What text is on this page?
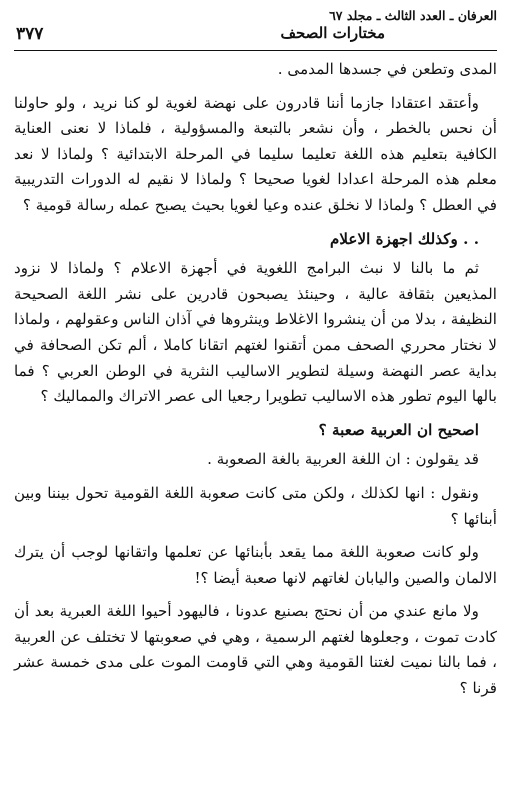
العرفان ـ العدد الثالث ـ مجلد ٦٧
مختارات الصحف
٣٧٧

المدى وتطعن في جسدها المدمى .

وأعتقد اعتقادا جازما أننا قادرون على نهضة لغوية لو كنا نريد ، ولو حاولنا أن نحس بالخطر ، وأن نشعر بالتبعة والمسؤولية ، فلماذا لا نعنى العناية الكافية بتعليم هذه اللغة تعليما سليما في المرحلة الابتدائية ؟ ولماذا لا نعد معلم هذه المرحلة اعدادا لغويا صحيحا ؟ ولماذا لا نقيم له الدورات التدريبية في العطل ؟ ولماذا لا نخلق عنده وعيا لغويا بحيث يصبح عمله رسالة قومية ؟

. . وكذلك اجهزة الاعلام

ثم ما بالنا لا نبث البرامج اللغوية في أجهزة الاعلام ؟ ولماذا لا نزود المذيعين بثقافة عالية ، وحينئذ يصبحون قادرين على نشر اللغة الصحيحة النظيفة ، بدلا من أن ينشروا الاغلاط وينثروها في آذان الناس وعقولهم ، ولماذا لا نختار محرري الصحف ممن أتقنوا لغتهم اتقانا كاملا ، ألم تكن الصحافة في بداية عصر النهضة وسيلة لتطوير الاساليب النثرية في الوطن العربي ؟ فما بالها اليوم تطور هذه الاساليب تطويرا رجعيا الى عصر الاتراك والمماليك ؟

اصحيح ان العربية صعبة ؟

قد يقولون : ان اللغة العربية بالغة الصعوبة .

ونقول : انها لكذلك ، ولكن متى كانت صعوبة اللغة القومية تحول بيننا وبين أبنائها ؟

ولو كانت صعوبة اللغة مما يقعد بأبنائها عن تعلمها واتقانها لوجب أن يترك الالمان والصين واليابان لغاتهم لانها صعبة أيضا ؟!

ولا مانع عندي من أن نحتج بصنيع عدونا ، فاليهود أحيوا اللغة العبرية بعد أن كادت تموت ، وجعلوها لغتهم الرسمية ، وهي في صعوبتها لا تختلف عن العربية ، فما بالنا نميت لغتنا القومية وهي التي قاومت الموت على مدى خمسة عشر قرنا ؟
